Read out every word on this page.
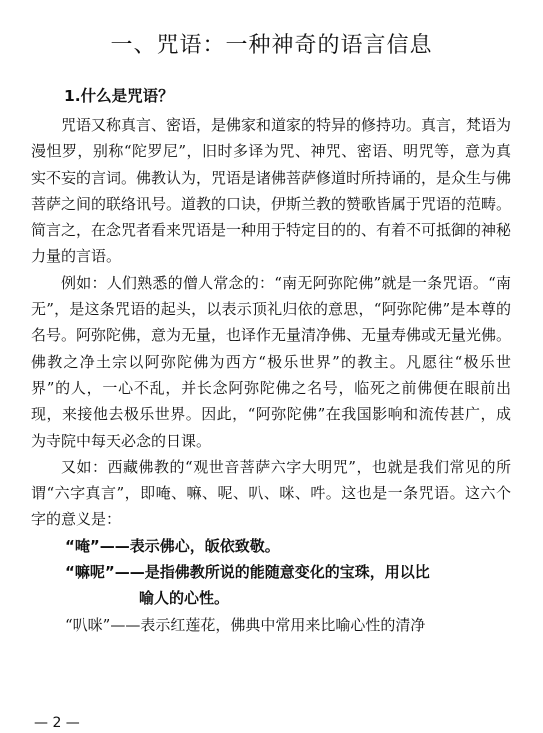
一、咒语：一种神奇的语言信息
1.什么是咒语？

咒语又称真言、密语，是佛家和道家的特异的修持功。真言，梵语为漫怛罗，别称“陀罗尼”，旧时多译为咒、神咒、密语、明咒等，意为真实不妄的言词。佛教认为，咒语是诸佛菩萨修道时所持诵的，是众生与佛菩萨之间的联络讯号。道教的口诀，伊斯兰教的赞歌皆属于咒语的范畴。简言之，在念咒者看来咒语是一种用于特定目的的、有着不可抵御的神秘力量的言语。

例如：人们熟悉的僧人常念的：“南无阿弥陀佛”就是一条咒语。“南无”，是这条咒语的起头，以表示顶礼归依的意思，“阿弥陀佛”是本尊的名号。阿弥陀佛，意为无量，也译作无量清净佛、无量寿佛或无量光佛。佛教之净土宗以阿弥陀佛为西方“极乐世界”的教主。凡愿往“极乐世界”的人，一心不乱，并长念阿弥陀佛之名号，临死之前佛便在眼前出现，来接他去极乐世界。因此，“阿弥陀佛”在我国影响和流传甚广，成为寺院中每天必念的日课。

又如：西藏佛教的“观世音菩萨六字大明咒”，也就是我们常见的所谓“六字真言”，即唵、嘛、呢、叭、咪、吽。这也是一条咒语。这六个字的意义是：

“唵”——表示佛心，皈依致敬。
“嘛呢”——是指佛教所说的能随意变化的宝珠，用以比
喻人的心性。
“叭咪”——表示红莲花，佛典中常用来比喻心性的清净
— 2 —
